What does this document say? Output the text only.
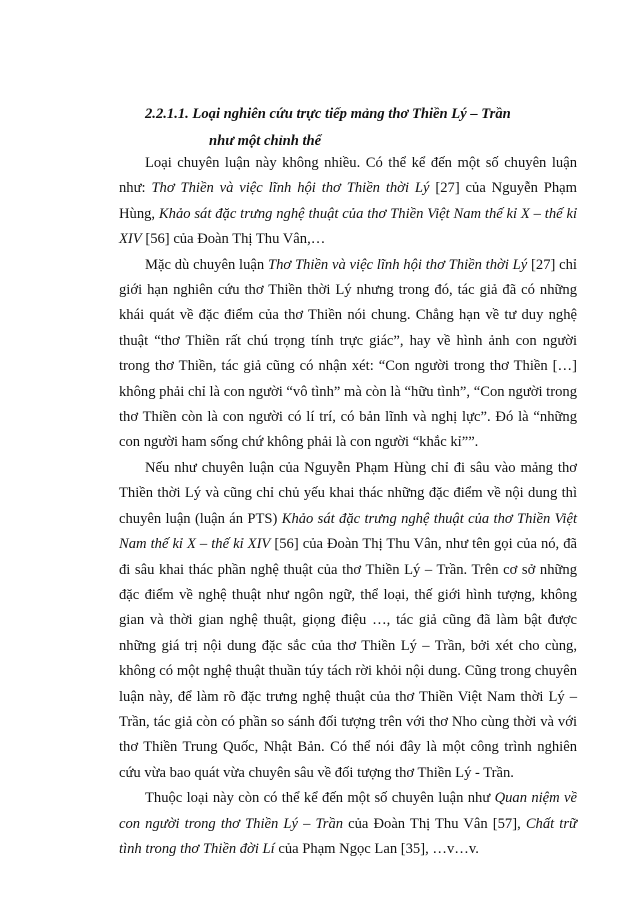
2.2.1.1. Loại nghiên cứu trực tiếp mảng thơ Thiền Lý – Trần
như một chỉnh thể

Loại chuyên luận này không nhiều. Có thể kể đến một số chuyên luận như: Thơ Thiền và việc lĩnh hội thơ Thiền thời Lý [27] của Nguyễn Phạm Hùng, Khảo sát đặc trưng nghệ thuật của thơ Thiền Việt Nam thế kỉ X – thế kỉ XIV [56] của Đoàn Thị Thu Vân,…

Mặc dù chuyên luận Thơ Thiền và việc lĩnh hội thơ Thiền thời Lý [27] chỉ giới hạn nghiên cứu thơ Thiền thời Lý nhưng trong đó, tác giả đã có những khái quát về đặc điểm của thơ Thiền nói chung. Chẳng hạn về tư duy nghệ thuật “thơ Thiền rất chú trọng tính trực giác”, hay về hình ảnh con người trong thơ Thiền, tác giả cũng có nhận xét: “Con người trong thơ Thiền […] không phải chỉ là con người “vô tình” mà còn là “hữu tình”, “Con người trong thơ Thiền còn là con người có lí trí, có bản lĩnh và nghị lực”. Đó là “những con người ham sống chứ không phải là con người “khắc kỉ””.

Nếu như chuyên luận của Nguyễn Phạm Hùng chỉ đi sâu vào mảng thơ Thiền thời Lý và cũng chỉ chủ yếu khai thác những đặc điểm về nội dung thì chuyên luận (luận án PTS) Khảo sát đặc trưng nghệ thuật của thơ Thiền Việt Nam thế kỉ X – thế kỉ XIV [56] của Đoàn Thị Thu Vân, như tên gọi của nó, đã đi sâu khai thác phần nghệ thuật của thơ Thiền Lý – Trần. Trên cơ sở những đặc điểm về nghệ thuật như ngôn ngữ, thể loại, thế giới hình tượng, không gian và thời gian nghệ thuật, giọng điệu …, tác giả cũng đã làm bật được những giá trị nội dung đặc sắc của thơ Thiền Lý – Trần, bởi xét cho cùng, không có một nghệ thuật thuần túy tách rời khỏi nội dung. Cũng trong chuyên luận này, để làm rõ đặc trưng nghệ thuật của thơ Thiền Việt Nam thời Lý – Trần, tác giả còn có phần so sánh đối tượng trên với thơ Nho cùng thời và với thơ Thiền Trung Quốc, Nhật Bản. Có thể nói đây là một công trình nghiên cứu vừa bao quát vừa chuyên sâu về đối tượng thơ Thiền Lý - Trần.

Thuộc loại này còn có thể kể đến một số chuyên luận như Quan niệm về con người trong thơ Thiền Lý – Trần của Đoàn Thị Thu Vân [57], Chất trữ tình trong thơ Thiền đời Lí của Phạm Ngọc Lan [35], …v…v.
